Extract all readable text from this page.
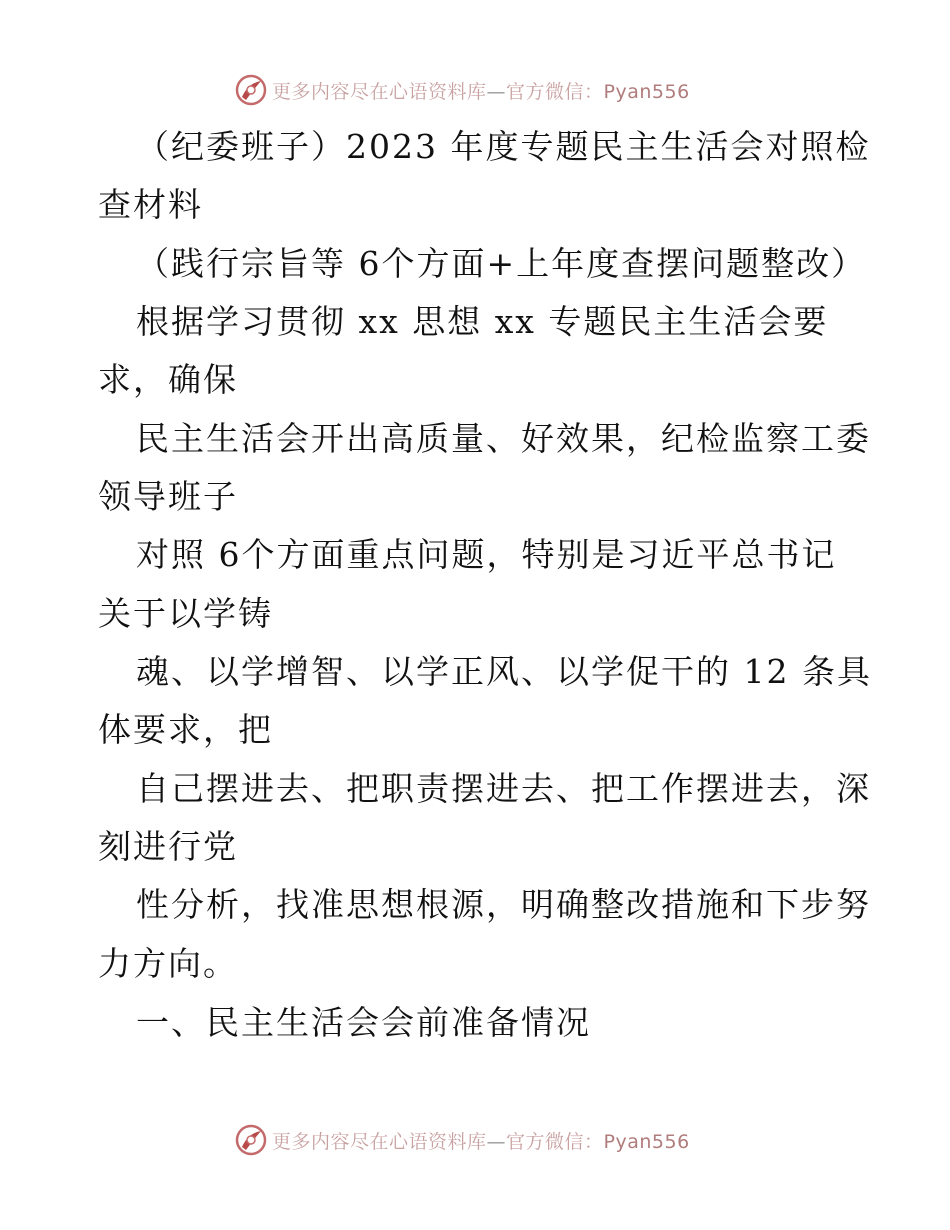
更多内容尽在心语资料库—官方微信：Pyan556
（纪委班子）2023 年度专题民主生活会对照检
查材料
（践行宗旨等 6个方面+上年度查摆问题整改）
根据学习贯彻 xx 思想 xx 专题民主生活会要
求，确保
民主生活会开出高质量、好效果，纪检监察工委
领导班子
对照 6个方面重点问题，特别是习近平总书记
关于以学铸
魂、以学增智、以学正风、以学促干的 12 条具
体要求，把
自己摆进去、把职责摆进去、把工作摆进去，深
刻进行党
性分析，找准思想根源，明确整改措施和下步努
力方向。
一、民主生活会会前准备情况
更多内容尽在心语资料库—官方微信：Pyan556
